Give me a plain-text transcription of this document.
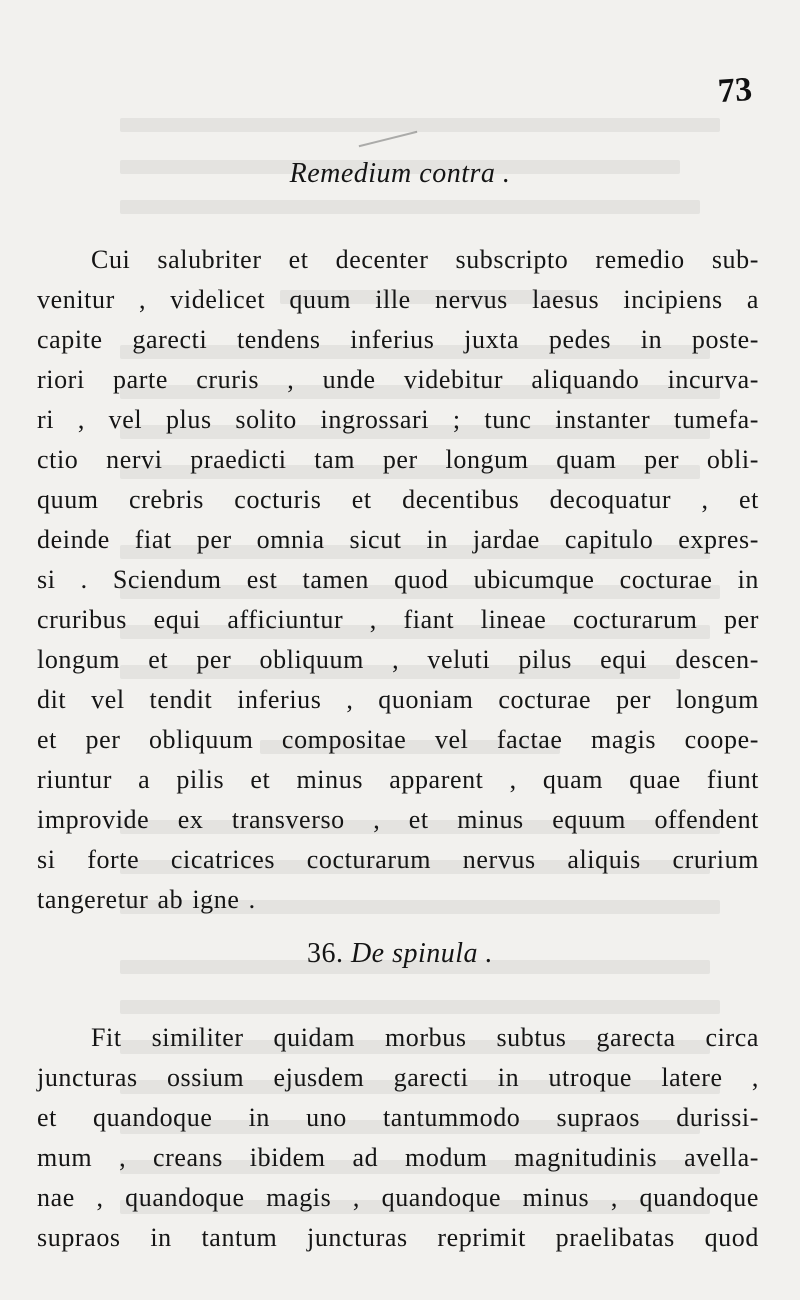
73
Remedium contra .
Cui salubriter et decenter subscripto remedio sub-
venitur , videlicet quum ille nervus laesus incipiens a
capite garecti tendens inferius juxta pedes in poste-
riori parte cruris , unde videbitur aliquando incurva-
ri , vel plus solito ingrossari ; tunc instanter tumefa-
ctio nervi praedicti tam per longum quam per obli-
quum crebris cocturis et decentibus decoquatur , et
deinde fiat per omnia sicut in jardae capitulo expres-
si . Sciendum est tamen quod ubicumque cocturae in
cruribus equi afficiuntur , fiant lineae cocturarum per
longum et per obliquum , veluti pilus equi descen-
dit vel tendit inferius , quoniam cocturae per longum
et per obliquum compositae vel factae magis coope-
riuntur a pilis et minus apparent , quam quae fiunt
improvide ex transverso , et minus equum offendent
si forte cicatrices cocturarum nervus aliquis crurium
tangeretur ab igne .
36. De spinula .
Fit similiter quidam morbus subtus garecta circa
juncturas ossium ejusdem garecti in utroque latere ,
et quandoque in uno tantummodo supraos durissi-
mum , creans ibidem ad modum magnitudinis avella-
nae , quandoque magis , quandoque minus , quandoque
supraos in tantum juncturas reprimit praelibatas quod
